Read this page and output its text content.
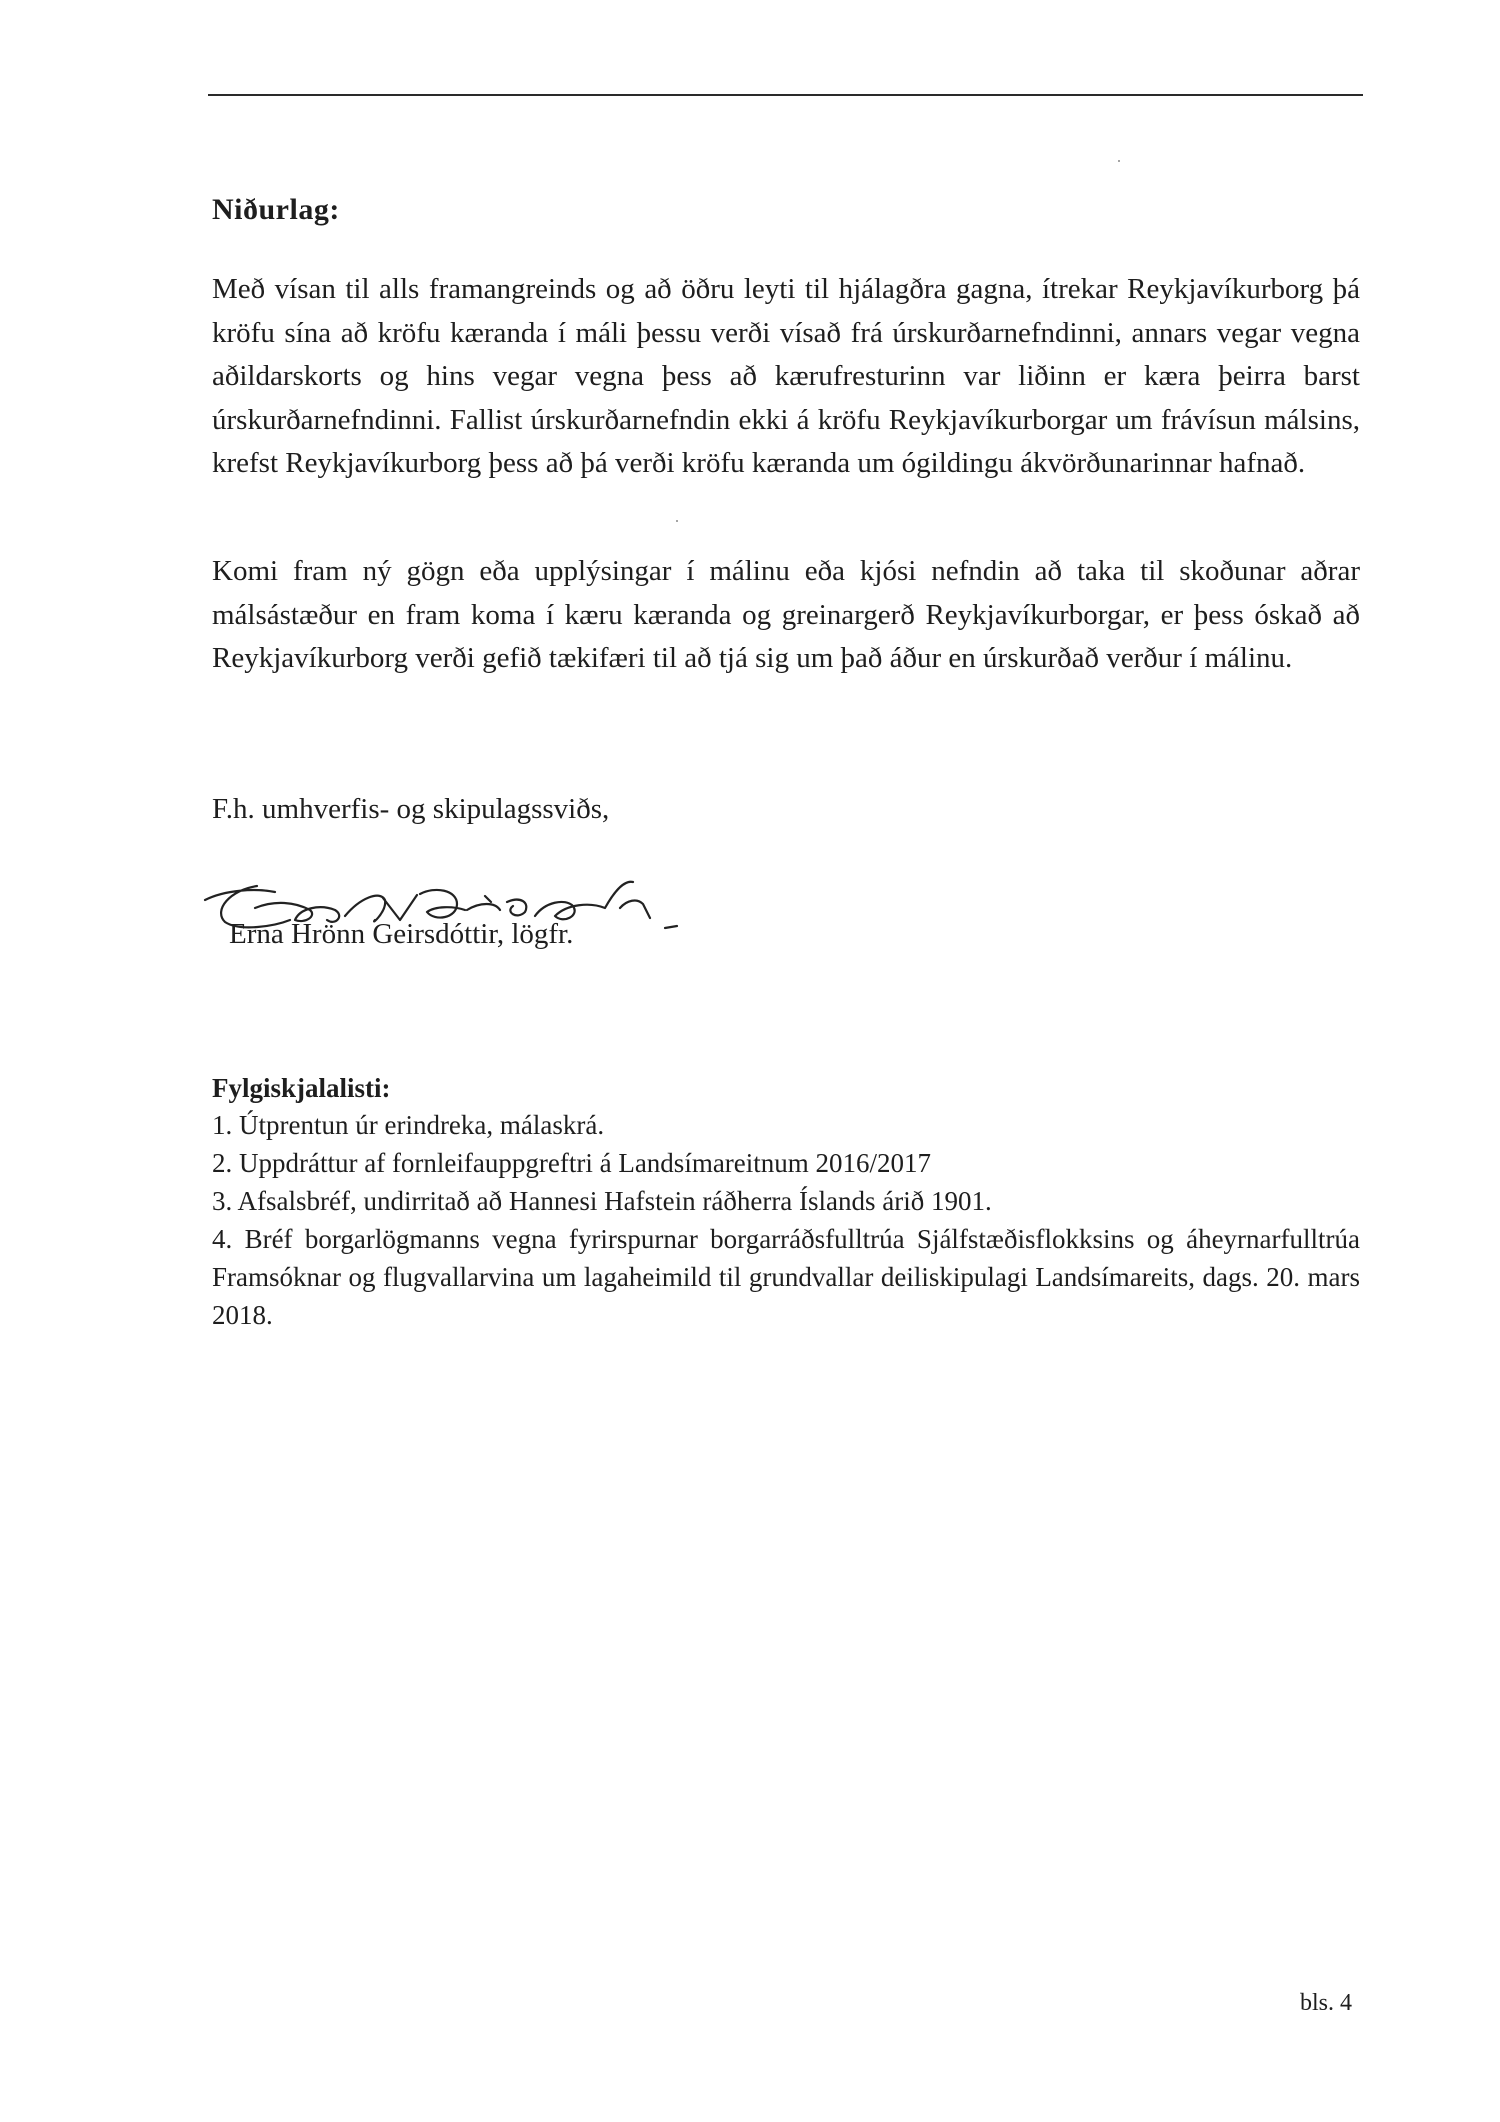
Niðurlag:

Með vísan til alls framangreinds og að öðru leyti til hjálagðra gagna, ítrekar Reykjavíkurborg þá kröfu sína að kröfu kæranda í máli þessu verði vísað frá úrskurðarnefndinni, annars vegar vegna aðildarskorts og hins vegar vegna þess að kærufresturinn var liðinn er kæra þeirra barst úrskurðarnefndinni. Fallist úrskurðarnefndin ekki á kröfu Reykjavíkurborgar um frávísun málsins, krefst Reykjavíkurborg þess að þá verði kröfu kæranda um ógildingu ákvörðunarinnar hafnað.

Komi fram ný gögn eða upplýsingar í málinu eða kjósi nefndin að taka til skoðunar aðrar málsástæður en fram koma í kæru kæranda og greinargerð Reykjavíkurborgar, er þess óskað að Reykjavíkurborg verði gefið tækifæri til að tjá sig um það áður en úrskurðað verður í málinu.

F.h. umhverfis- og skipulagssviðs,
Erna Hrönn Geirsdóttir, lögfr.
Fylgiskjalalisti:
1. Útprentun úr erindreka, málaskrá.
2. Uppdráttur af fornleifauppgreftri á Landsímareitnum 2016/2017
3. Afsalsbréf, undirritað að Hannesi Hafstein ráðherra Íslands árið 1901.
4. Bréf borgarlögmanns vegna fyrirspurnar borgarráðsfulltrúa Sjálfstæðisflokksins og áheyrnarfulltrúa Framsóknar og flugvallarvina um lagaheimild til grundvallar deiliskipulagi Landsímareits, dags. 20. mars 2018.
bls. 4
